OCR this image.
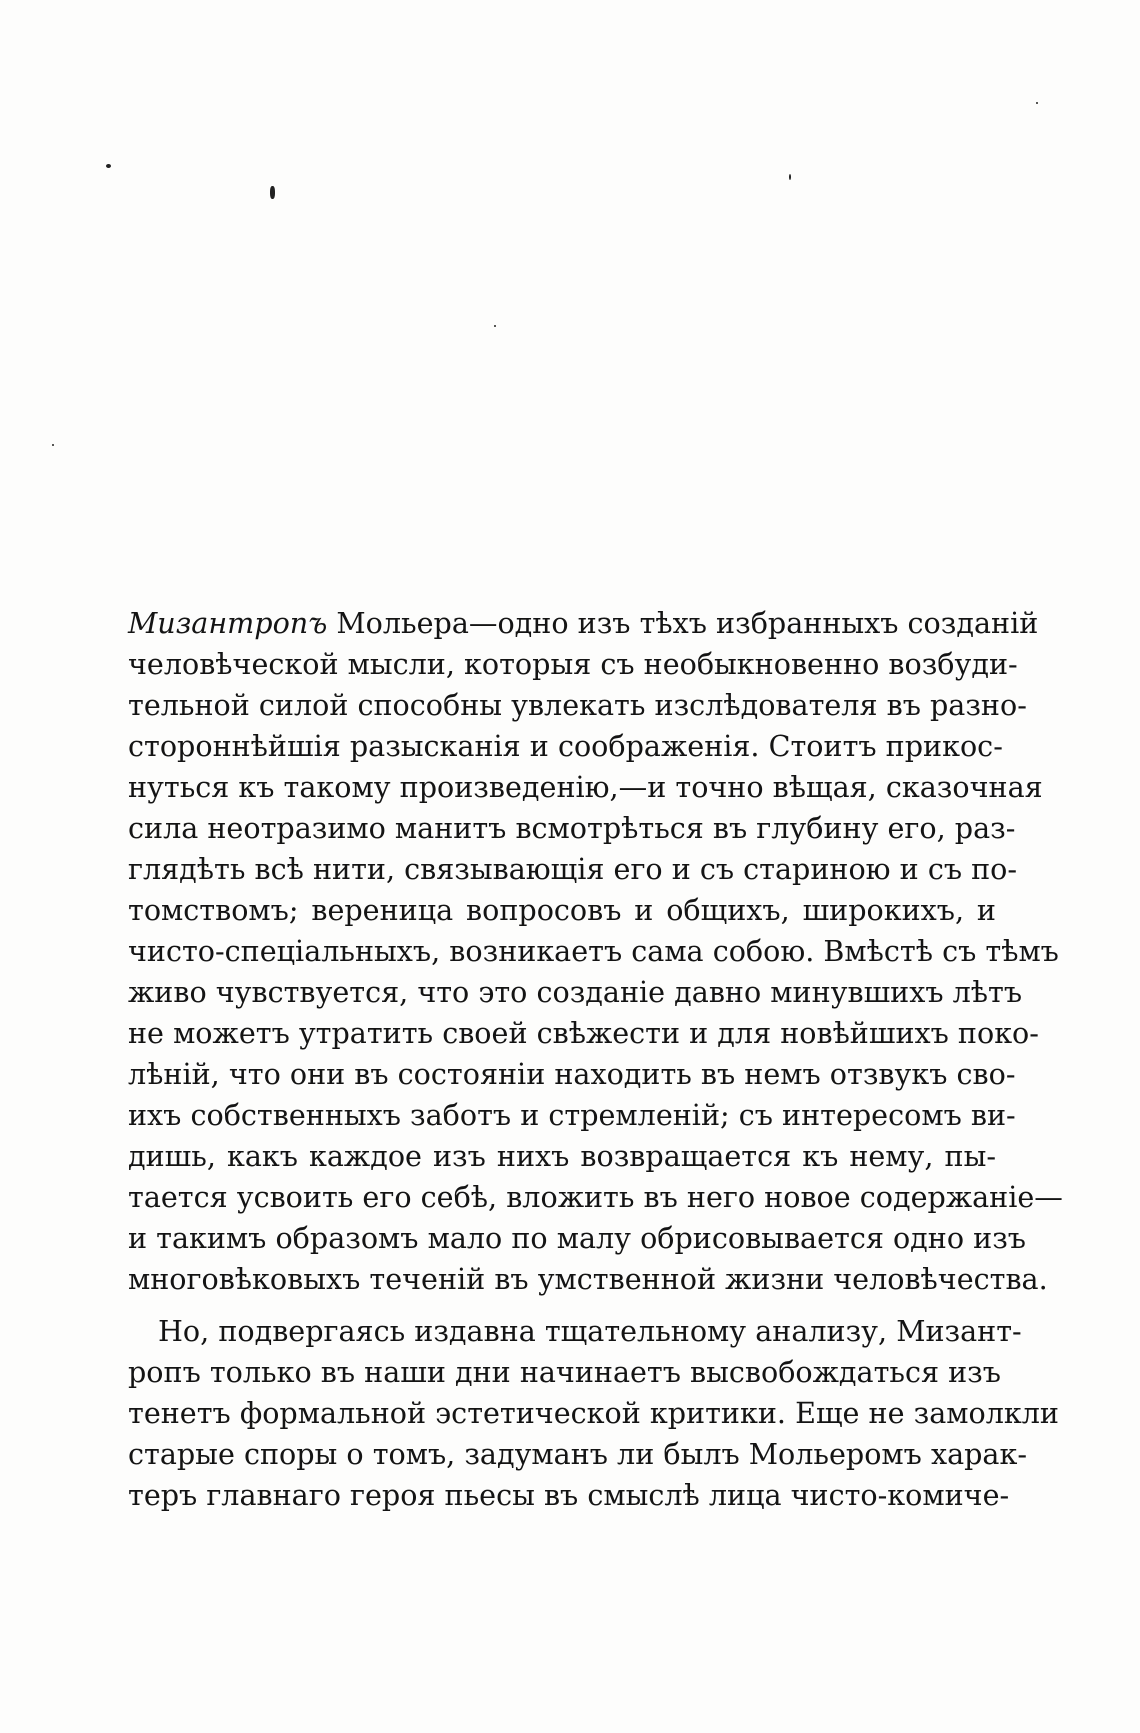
Мизантропъ Мольера—одно изъ тѣхъ избранныхъ созданій
человѣческой мысли, которыя съ необыкновенно возбуди-
тельной силой способны увлекать изслѣдователя въ разно-
стороннѣйшія разысканія и соображенія. Стоитъ прикос-
нуться къ такому произведенію,—и точно вѣщая, сказочная
сила неотразимо манитъ всмотрѣться въ глубину его, раз-
глядѣть всѣ нити, связывающія его и съ стариною и съ по-
томствомъ; вереница вопросовъ и общихъ, широкихъ, и
чисто-спеціальныхъ, возникаетъ сама собою. Вмѣстѣ съ тѣмъ
живо чувствуется, что это созданіе давно минувшихъ лѣтъ
не можетъ утратить своей свѣжести и для новѣйшихъ поко-
лѣній, что они въ состояніи находить въ немъ отзвукъ сво-
ихъ собственныхъ заботъ и стремленій; съ интересомъ ви-
дишь, какъ каждое изъ нихъ возвращается къ нему, пы-
тается усвоить его себѣ, вложить въ него новое содержаніе—
и такимъ образомъ мало по малу обрисовывается одно изъ
многовѣковыхъ теченій въ умственной жизни человѣчества.
Но, подвергаясь издавна тщательному анализу, Мизант-
ропъ только въ наши дни начинаетъ высвобождаться изъ
тенетъ формальной эстетической критики. Еще не замолкли
старые споры о томъ, задуманъ ли былъ Мольеромъ харак-
теръ главнаго героя пьесы въ смыслѣ лица чисто-комиче-
